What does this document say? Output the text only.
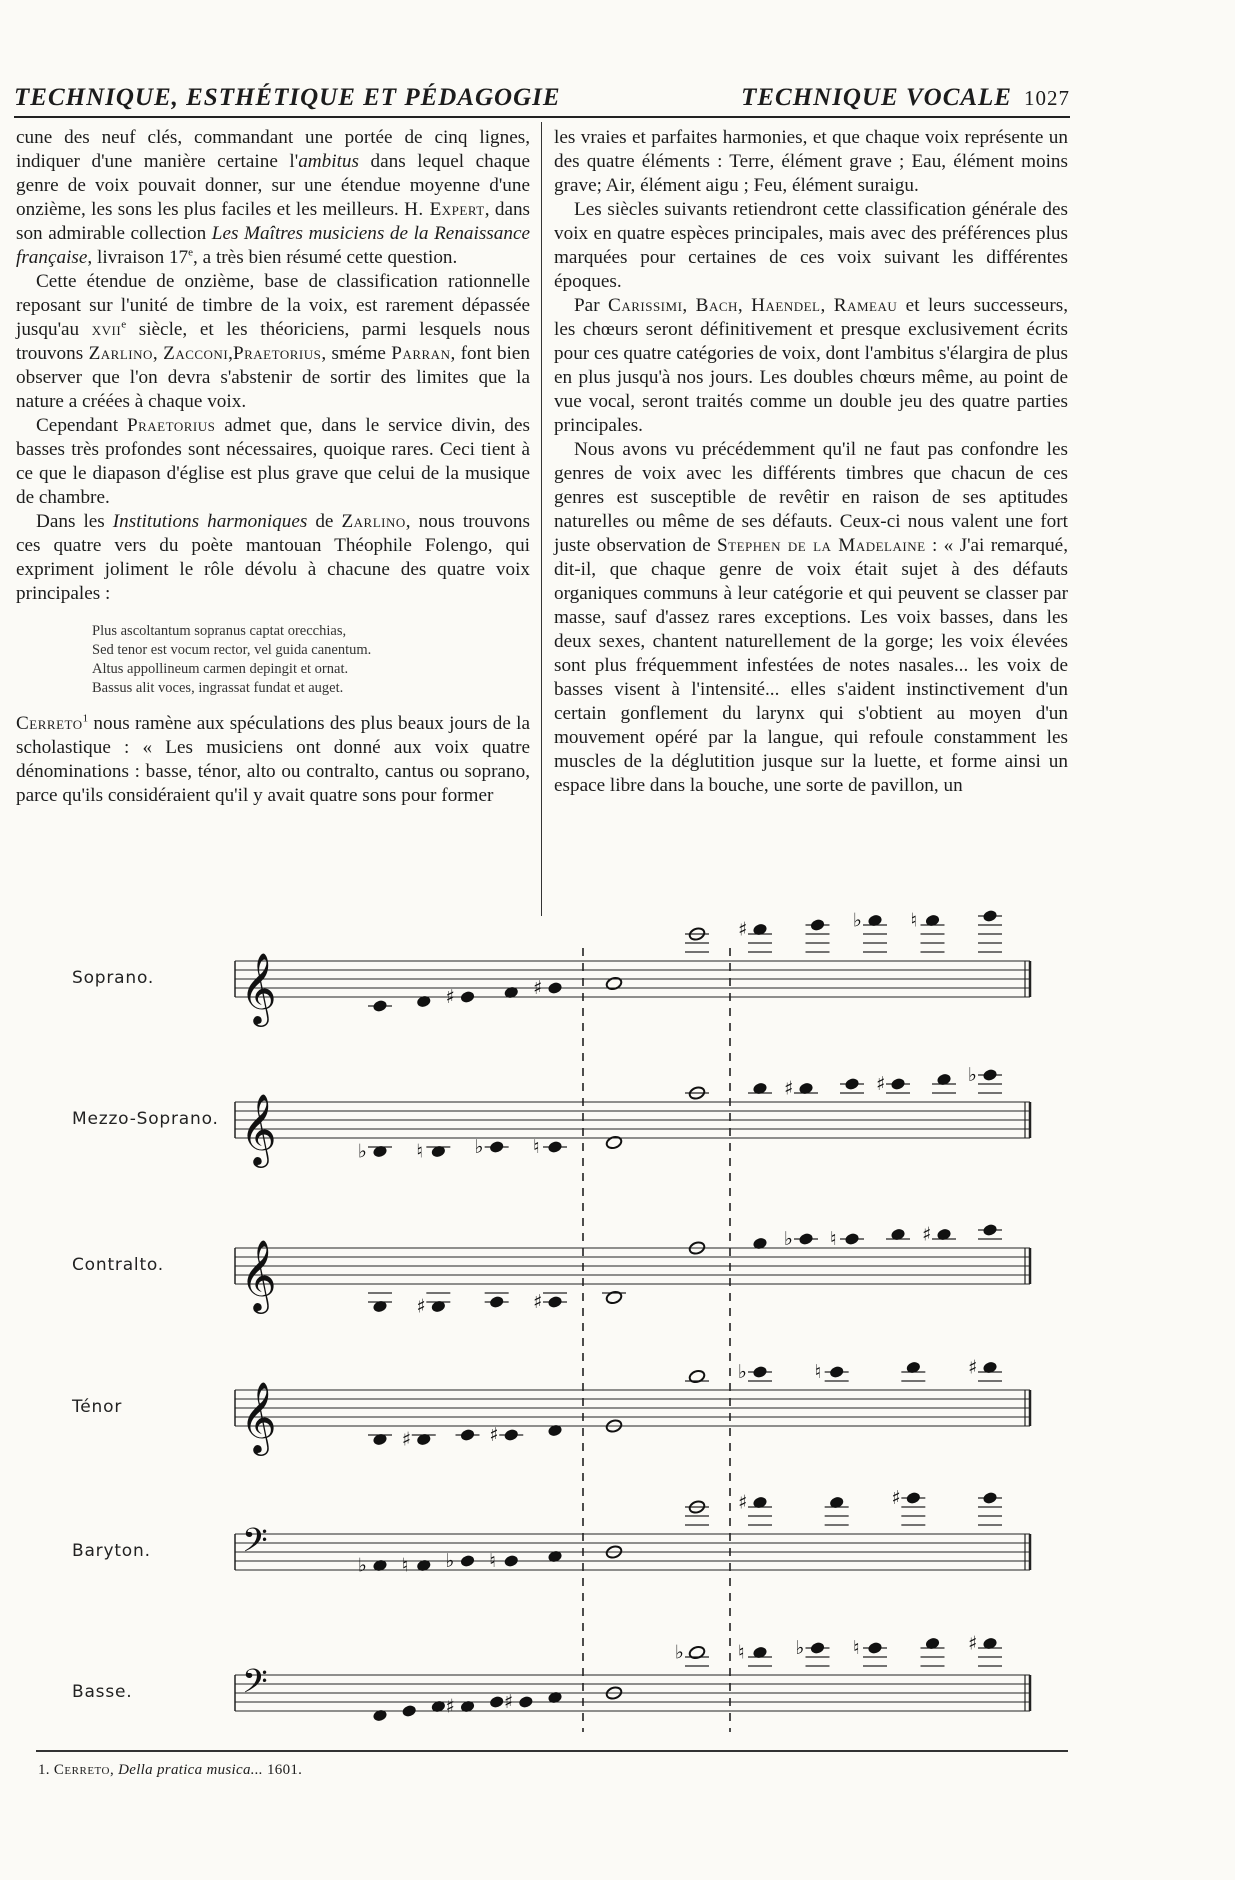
TECHNIQUE, ESTHÉTIQUE ET PÉDAGOGIE	TECHNIQUE VOCALE 1027

cune des neuf clés, commandant une portée de cinq lignes, indiquer d'une manière certaine l'ambitus dans lequel chaque genre de voix pouvait donner, sur une étendue moyenne d'une onzième, les sons les plus faciles et les meilleurs. H. Expert, dans son admirable collection Les Maîtres musiciens de la Renaissance française, livraison 17e, a très bien résumé cette question.

Cette étendue de onzième, base de classification rationnelle reposant sur l'unité de timbre de la voix, est rarement dépassée jusqu'au xvii$^e$ siècle, et les théoriciens, parmi lesquels nous trouvons Zarlino, Zacconi,Praetorius, sméme Parran, font bien observer que l'on devra s'abstenir de sortir des limites que la nature a créées à chaque voix.

Cependant Praetorius admet que, dans le service divin, des basses très profondes sont nécessaires, quoique rares. Ceci tient à ce que le diapason d'église est plus grave que celui de la musique de chambre.

Dans les Institutions harmoniques de Zarlino, nous trouvons ces quatre vers du poète mantouan Théophile Folengo, qui expriment joliment le rôle dévolu à chacune des quatre voix principales :

Plus ascoltantum sopranus captat orecchias,
Sed tenor est vocum rector, vel guida canentum.
Altus appollineum carmen depingit et ornat.
Bassus alit voces, ingrassat fundat et auget.

Cerreto$^1$ nous ramène aux spéculations des plus beaux jours de la scholastique : « Les musiciens ont donné aux voix quatre dénominations : basse, ténor, alto ou contralto, cantus ou soprano, parce qu'ils considéraient qu'il y avait quatre sons pour former

les vraies et parfaites harmonies, et que chaque voix représente un des quatre éléments : Terre, élément grave ; Eau, élément moins grave; Air, élément aigu ; Feu, élément suraigu.

Les siècles suivants retiendront cette classification générale des voix en quatre espèces principales, mais avec des préférences plus marquées pour certaines de ces voix suivant les différentes époques.

Par Carissimi, Bach, Haendel, Rameau et leurs successeurs, les chœurs seront définitivement et presque exclusivement écrits pour ces quatre catégories de voix, dont l'ambitus s'élargira de plus en plus jusqu'à nos jours. Les doubles chœurs même, au point de vue vocal, seront traités comme un double jeu des quatre parties principales.

Nous avons vu précédemment qu'il ne faut pas confondre les genres de voix avec les différents timbres que chacun de ces genres est susceptible de revêtir en raison de ses aptitudes naturelles ou même de ses défauts. Ceux-ci nous valent une fort juste observation de Stephen de la Madelaine : « J'ai remarqué, dit-il, que chaque genre de voix était sujet à des défauts organiques communs à leur catégorie et qui peuvent se classer par masse, sauf d'assez rares exceptions. Les voix basses, dans les deux sexes, chantent naturellement de la gorge; les voix élevées sont plus fréquemment infestées de notes nasales... les voix de basses visent à l'intensité... elles s'aident instinctivement d'un certain gonflement du larynx qui s'obtient au moyen d'un mouvement opéré par la langue, qui refoule constamment les muscles de la déglutition jusque sur la luette, et forme ainsi un espace libre dans la bouche, une sorte de pavillon, un

Soprano.
Mezzo-Soprano.
Contralto.
Ténor
Baryton.
Basse.
𝄞	♯	♯
♯	♭	♮
𝄞	♭	♮	♭	♮
♯	♯	♭
𝄞	♯	♯
♭ ♮	♯
𝄞	♯	♯
♭	♮	♯
𝄢	♭ ♮ ♭ ♮
♯	♯
𝄢	♯	♯
♭	♮	♭	♮	♯
1. Cerreto, Della pratica musica... 1601.
